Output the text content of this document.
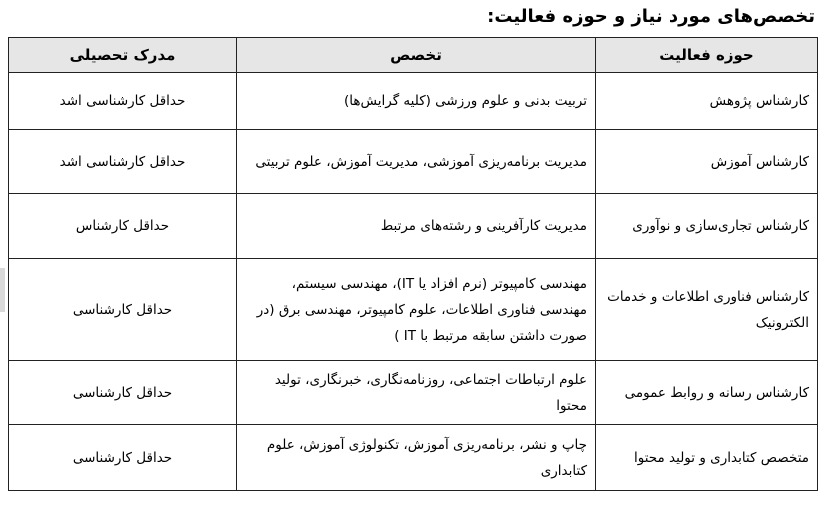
تخصص‌های مورد نیاز و حوزه فعالیت:
حوزه فعالیت	تخصص	مدرک تحصیلی
کارشناس پژوهش	تربیت بدنی و علوم ورزشی (کلیه گرایش‌ها)	حداقل کارشناسی اشد
کارشناس آموزش	مدیریت برنامه‌ریزی آموزشی، مدیریت آموزش، علوم تربیتی	حداقل کارشناسی اشد
کارشناس تجاری‌سازی و نوآوری	مدیریت کارآفرینی و رشته‌های مرتبط	حداقل کارشناس
کارشناس فناوری اطلاعات و خدمات الکترونیک	مهندسی کامپیوتر (نرم افزاد یا IT)، مهندسی سیستم، مهندسی فناوری اطلاعات، علوم کامپیوتر، مهندسی برق (در صورت داشتن سابقه مرتبط با IT )	حداقل کارشناسی
کارشناس رسانه و روابط عمومی	علوم ارتباطات اجتماعی، روزنامه‌نگاری، خبرنگاری، تولید محتوا	حداقل کارشناسی
متخصص کتابداری و تولید محتوا	چاپ و نشر، برنامه‌ریزی آموزش، تکنولوژی آموزش، علوم کتابداری	حداقل کارشناسی
